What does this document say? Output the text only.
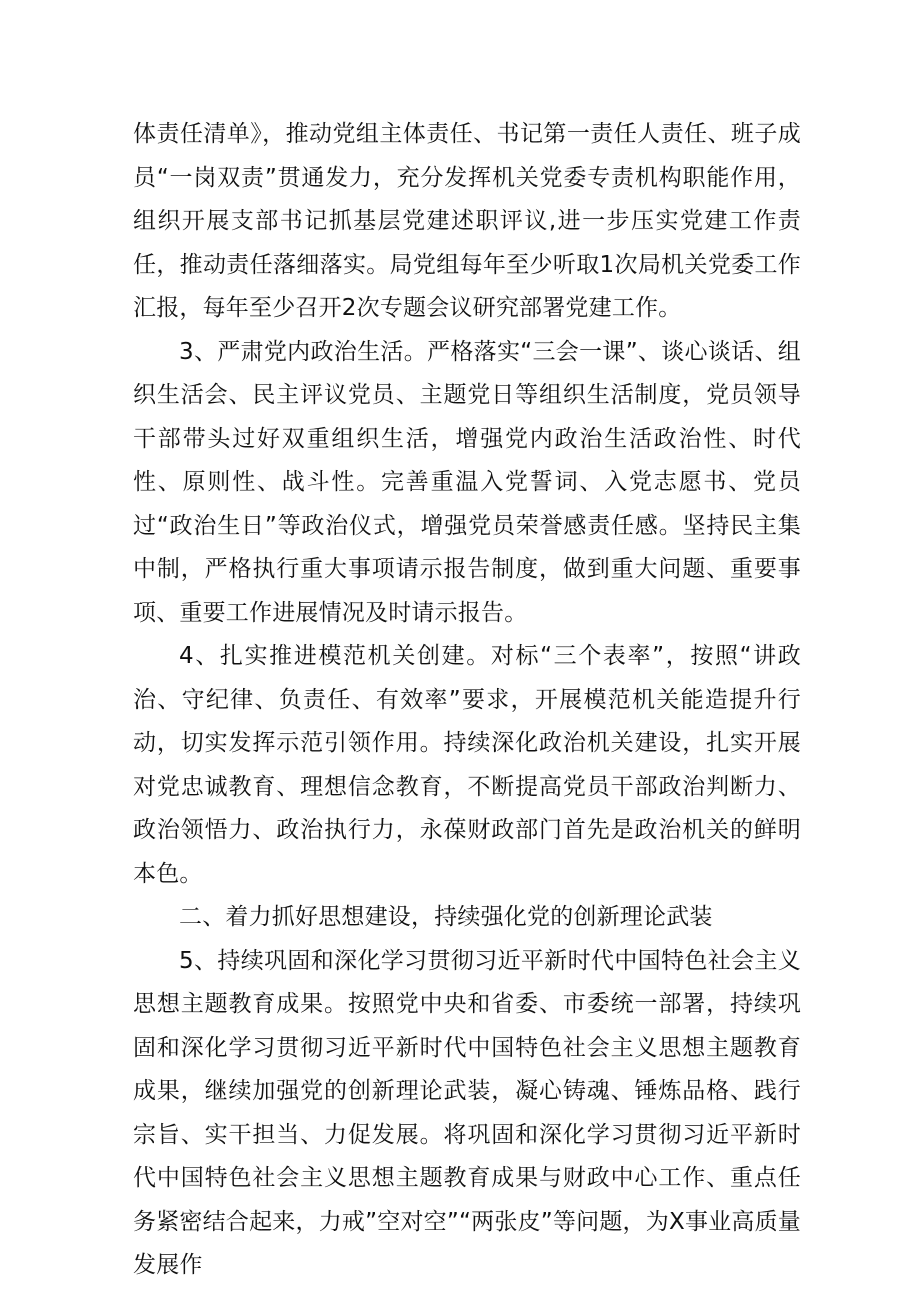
体责任清单》，推动党组主体责任、书记第一责任人责任、班子成员“一岗双责”贯通发力，充分发挥机关党委专责机构职能作用，组织开展支部书记抓基层党建述职评议,进一步压实党建工作责任，推动责任落细落实。局党组每年至少听取1次局机关党委工作汇报，每年至少召开2次专题会议研究部署党建工作。

3、严肃党内政治生活。严格落实“三会一课”、谈心谈话、组织生活会、民主评议党员、主题党日等组织生活制度，党员领导干部带头过好双重组织生活，增强党内政治生活政治性、时代性、原则性、战斗性。完善重温入党誓词、入党志愿书、党员过“政治生日”等政治仪式，增强党员荣誉感责任感。坚持民主集中制，严格执行重大事项请示报告制度，做到重大问题、重要事项、重要工作进展情况及时请示报告。

4、扎实推进模范机关创建。对标“三个表率”，按照“讲政治、守纪律、负责任、有效率”要求，开展模范机关能造提升行动，切实发挥示范引领作用。持续深化政治机关建设，扎实开展对党忠诚教育、理想信念教育，不断提高党员干部政治判断力、政治领悟力、政治执行力，永葆财政部门首先是政治机关的鲜明本色。

二、着力抓好思想建设，持续强化党的创新理论武装

5、持续巩固和深化学习贯彻习近平新时代中国特色社会主义思想主题教育成果。按照党中央和省委、市委统一部署，持续巩固和深化学习贯彻习近平新时代中国特色社会主义思想主题教育成果，继续加强党的创新理论武装，凝心铸魂、锤炼品格、践行宗旨、实干担当、力促发展。将巩固和深化学习贯彻习近平新时代中国特色社会主义思想主题教育成果与财政中心工作、重点任务紧密结合起来，力戒”空对空”“两张皮”等问题，为X事业高质量发展作
